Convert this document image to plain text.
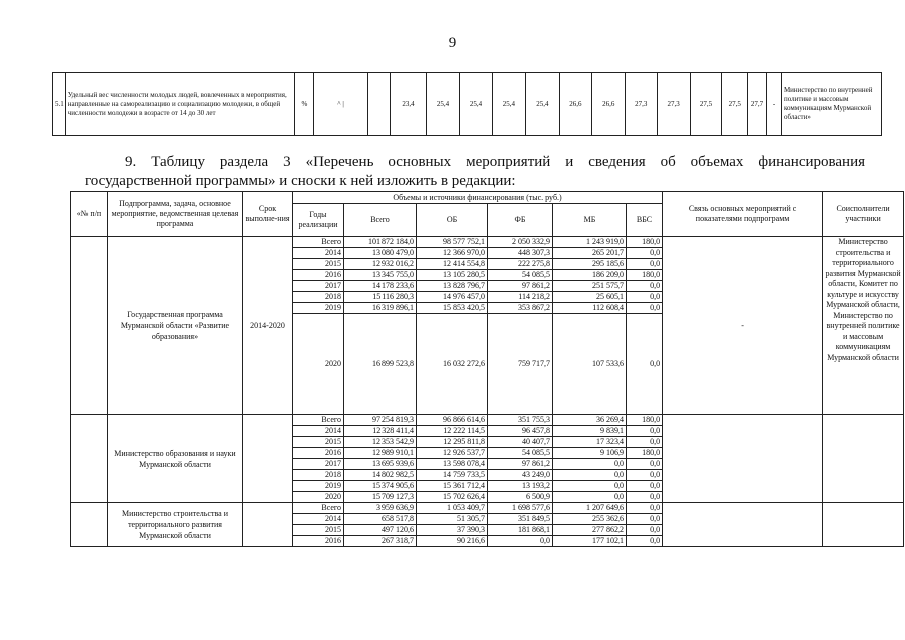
9
5.1	Удельный вес численности молодых людей, вовлеченных в мероприятия, направленные на самореализацию и социализацию молодежи, в общей численности молодежи в возрасте от 14 до 30 лет	%	^ |		23,4	25,4	25,4	25,4	25,4	26,6	26,6	27,3	27,3	27,5	27,5	27,7	-	Министерство по внутренней политике и массовым коммуникациям Мурманской области»
9. Таблицу раздела 3 «Перечень основных мероприятий и сведения об объемах финансирования
государственной программы» и сноски к ней изложить в редакции:
«№ п/п	Подпрограмма, задача, основное мероприятие, ведомственная целевая программа	Срок выполне-ния	Объемы и источники финансирования (тыс. руб.)						Связь основных мероприятий с показателями подпрограмм	Соисполнители участники
			Годы реализации	Всего	ОБ	ФБ	МБ	ВБС		
	Государственная программа Мурманской области «Развитие образования»	2014-2020	Всего	101 872 184,0	98 577 752,1	2 050 332,9	1 243 919,0	180,0	-	Министерство строительства и территориального развития Мурманской области, Комитет по культуре и искусству Мурманской области, Министерство по внутренней политике и массовым коммуникациям Мурманской области
			2014	13 080 479,0	12 366 970,0	448 307,3	265 201,7	0,0		
			2015	12 932 016,2	12 414 554,8	222 275,8	295 185,6	0,0		
			2016	13 345 755,0	13 105 280,5	54 085,5	186 209,0	180,0		
			2017	14 178 233,6	13 828 796,7	97 861,2	251 575,7	0,0		
			2018	15 116 280,3	14 976 457,0	114 218,2	25 605,1	0,0		
			2019	16 319 896,1	15 853 420,5	353 867,2	112 608,4	0,0		
			2020	16 899 523,8	16 032 272,6	759 717,7	107 533,6	0,0		
	Министерство образования и науки Мурманской области		Всего	97 254 819,3	96 866 614,6	351 755,3	36 269,4	180,0		
			2014	12 328 411,4	12 222 114,5	96 457,8	9 839,1	0,0		
			2015	12 353 542,9	12 295 811,8	40 407,7	17 323,4	0,0		
			2016	12 989 910,1	12 926 537,7	54 085,5	9 106,9	180,0		
			2017	13 695 939,6	13 598 078,4	97 861,2	0,0	0,0		
			2018	14 802 982,5	14 759 733,5	43 249,0	0,0	0,0		
			2019	15 374 905,6	15 361 712,4	13 193,2	0,0	0,0		
			2020	15 709 127,3	15 702 626,4	6 500,9	0,0	0,0		
	Министерство строительства и территориального развития Мурманской области		Всего	3 959 636,9	1 053 409,7	1 698 577,6	1 207 649,6	0,0		
			2014	658 517,8	51 305,7	351 849,5	255 362,6	0,0		
			2015	497 120,6	37 390,3	181 868,1	277 862,2	0,0		
			2016	267 318,7	90 216,6	0,0	177 102,1	0,0		
